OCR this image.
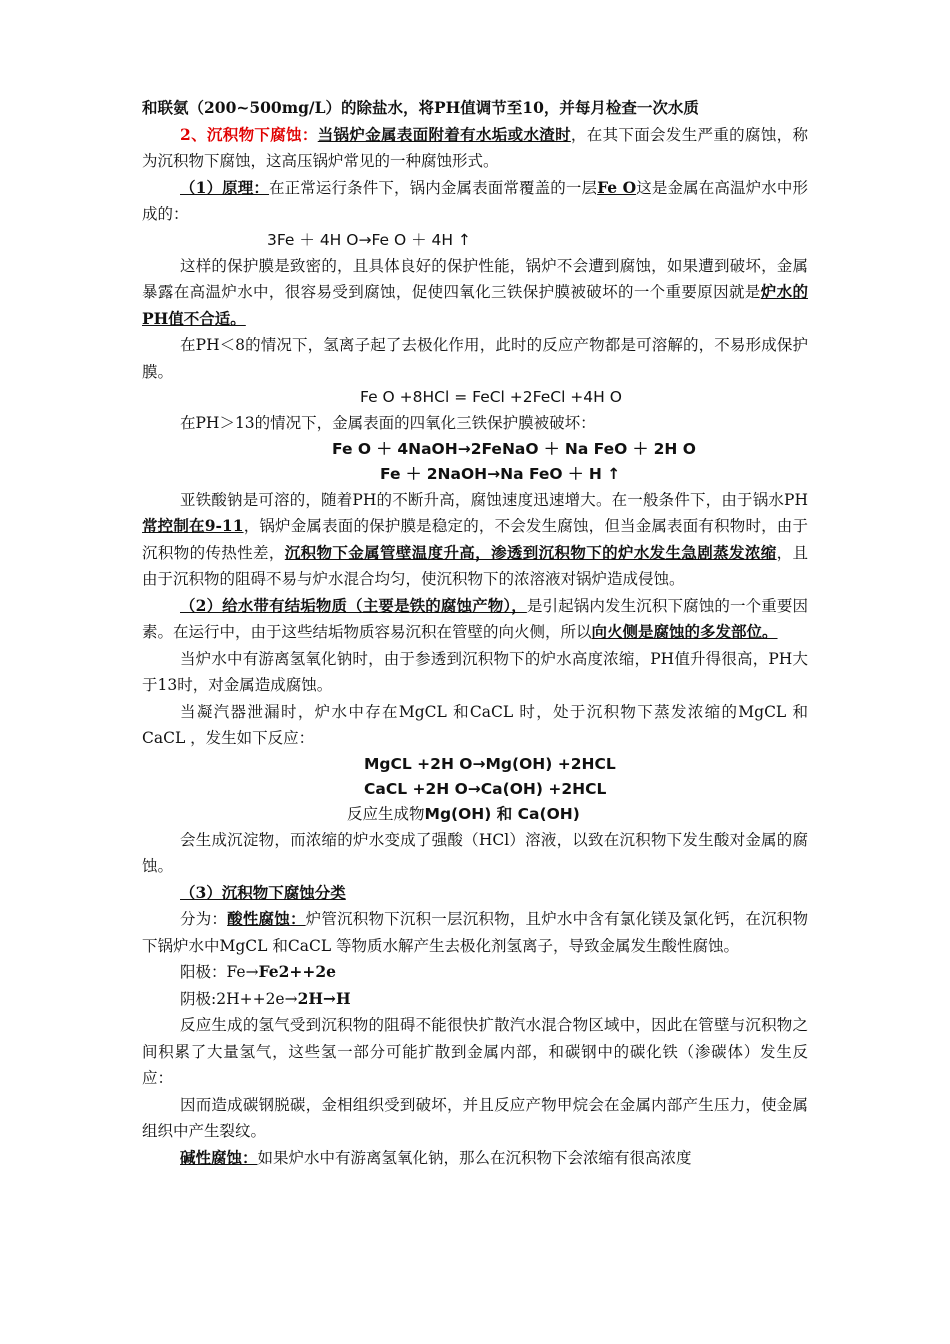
和联氨（200~500mg/L）的除盐水，将PH值调节至10，并每月检查一次水质

2、沉积物下腐蚀：当锅炉金属表面附着有水垢或水渣时，在其下面会发生严重的腐蚀，称为沉积物下腐蚀，这高压锅炉常见的一种腐蚀形式。

（1）原理：在正常运行条件下，锅内金属表面常覆盖的一层Fe O这是金属在高温炉水中形成的：

3Fe ＋ 4H O→Fe O ＋ 4H ↑

这样的保护膜是致密的，且具体良好的保护性能，锅炉不会遭到腐蚀，如果遭到破坏，金属暴露在高温炉水中，很容易受到腐蚀，促使四氧化三铁保护膜被破坏的一个重要原因就是炉水的PH值不合适。

在PH＜8的情况下，氢离子起了去极化作用，此时的反应产物都是可溶解的，不易形成保护膜。

Fe O +8HCl = FeCl +2FeCl +4H O

在PH＞13的情况下，金属表面的四氧化三铁保护膜被破坏：

Fe O ＋ 4NaOH→2FeNaO ＋ Na FeO ＋ 2H O

Fe ＋ 2NaOH→Na FeO ＋ H ↑

亚铁酸钠是可溶的，随着PH的不断升高，腐蚀速度迅速增大。在一般条件下，由于锅水PH常控制在9-11，锅炉金属表面的保护膜是稳定的，不会发生腐蚀，但当金属表面有积物时，由于沉积物的传热性差，沉积物下金属管壁温度升高，渗透到沉积物下的炉水发生急剧蒸发浓缩，且由于沉积物的阻碍不易与炉水混合均匀，使沉积物下的浓溶液对锅炉造成侵蚀。

（2）给水带有结垢物质（主要是铁的腐蚀产物），是引起锅内发生沉积下腐蚀的一个重要因素。在运行中，由于这些结垢物质容易沉积在管壁的向火侧，所以向火侧是腐蚀的多发部位。

当炉水中有游离氢氧化钠时，由于参透到沉积物下的炉水高度浓缩，PH值升得很高，PH大于13时，对金属造成腐蚀。

当凝汽器泄漏时，炉水中存在MgCL 和CaCL 时，处于沉积物下蒸发浓缩的MgCL 和CaCL ，发生如下反应：

MgCL +2H O→Mg(OH) +2HCL

CaCL +2H O→Ca(OH) +2HCL

反应生成物Mg(OH) 和 Ca(OH)

会生成沉淀物，而浓缩的炉水变成了强酸（HCl）溶液，以致在沉积物下发生酸对金属的腐蚀。

（3）沉积物下腐蚀分类

分为：酸性腐蚀：炉管沉积物下沉积一层沉积物，且炉水中含有氯化镁及氯化钙，在沉积物下锅炉水中MgCL 和CaCL 等物质水解产生去极化剂氢离子，导致金属发生酸性腐蚀。

阳极：Fe→Fe2++2e

阴极:2H++2e→2H→H

反应生成的氢气受到沉积物的阻碍不能很快扩散汽水混合物区域中，因此在管壁与沉积物之间积累了大量氢气，这些氢一部分可能扩散到金属内部，和碳钢中的碳化铁（渗碳体）发生反应：

因而造成碳钢脱碳，金相组织受到破坏，并且反应产物甲烷会在金属内部产生压力，使金属组织中产生裂纹。

碱性腐蚀：如果炉水中有游离氢氧化钠，那么在沉积物下会浓缩有很高浓度
